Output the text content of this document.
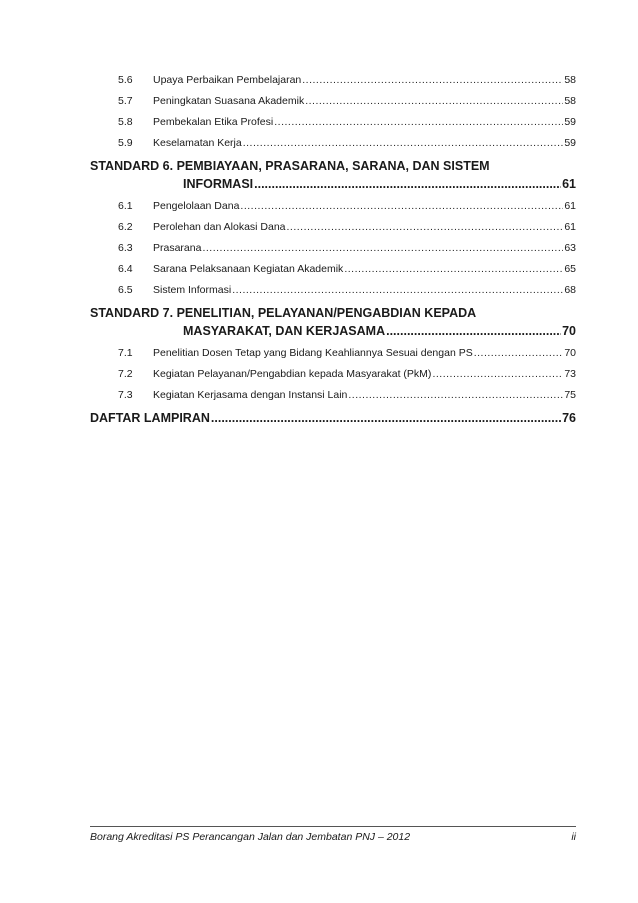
5.6 Upaya Perbaikan Pembelajaran .....	58
5.7 Peningkatan Suasana Akademik .....	58
5.8 Pembekalan Etika Profesi .....	59
5.9 Keselamatan Kerja .....	59
STANDARD 6. PEMBIAYAAN, PRASARANA, SARANA, DAN SISTEM
INFORMASI .....	61
6.1 Pengelolaan Dana .....	61
6.2 Perolehan dan Alokasi Dana .....	61
6.3 Prasarana .....	63
6.4 Sarana Pelaksanaan Kegiatan Akademik .....	65
6.5 Sistem Informasi .....	68
STANDARD 7. PENELITIAN, PELAYANAN/PENGABDIAN KEPADA
MASYARAKAT, DAN KERJASAMA .....	70
7.1 Penelitian Dosen Tetap yang Bidang Keahliannya Sesuai dengan PS .....	70
7.2 Kegiatan Pelayanan/Pengabdian kepada Masyarakat (PkM) .....	73
7.3 Kegiatan Kerjasama dengan Instansi Lain .....	75
DAFTAR LAMPIRAN .....	76
Borang Akreditasi PS Perancangan Jalan dan Jembatan PNJ – 2012	ii
